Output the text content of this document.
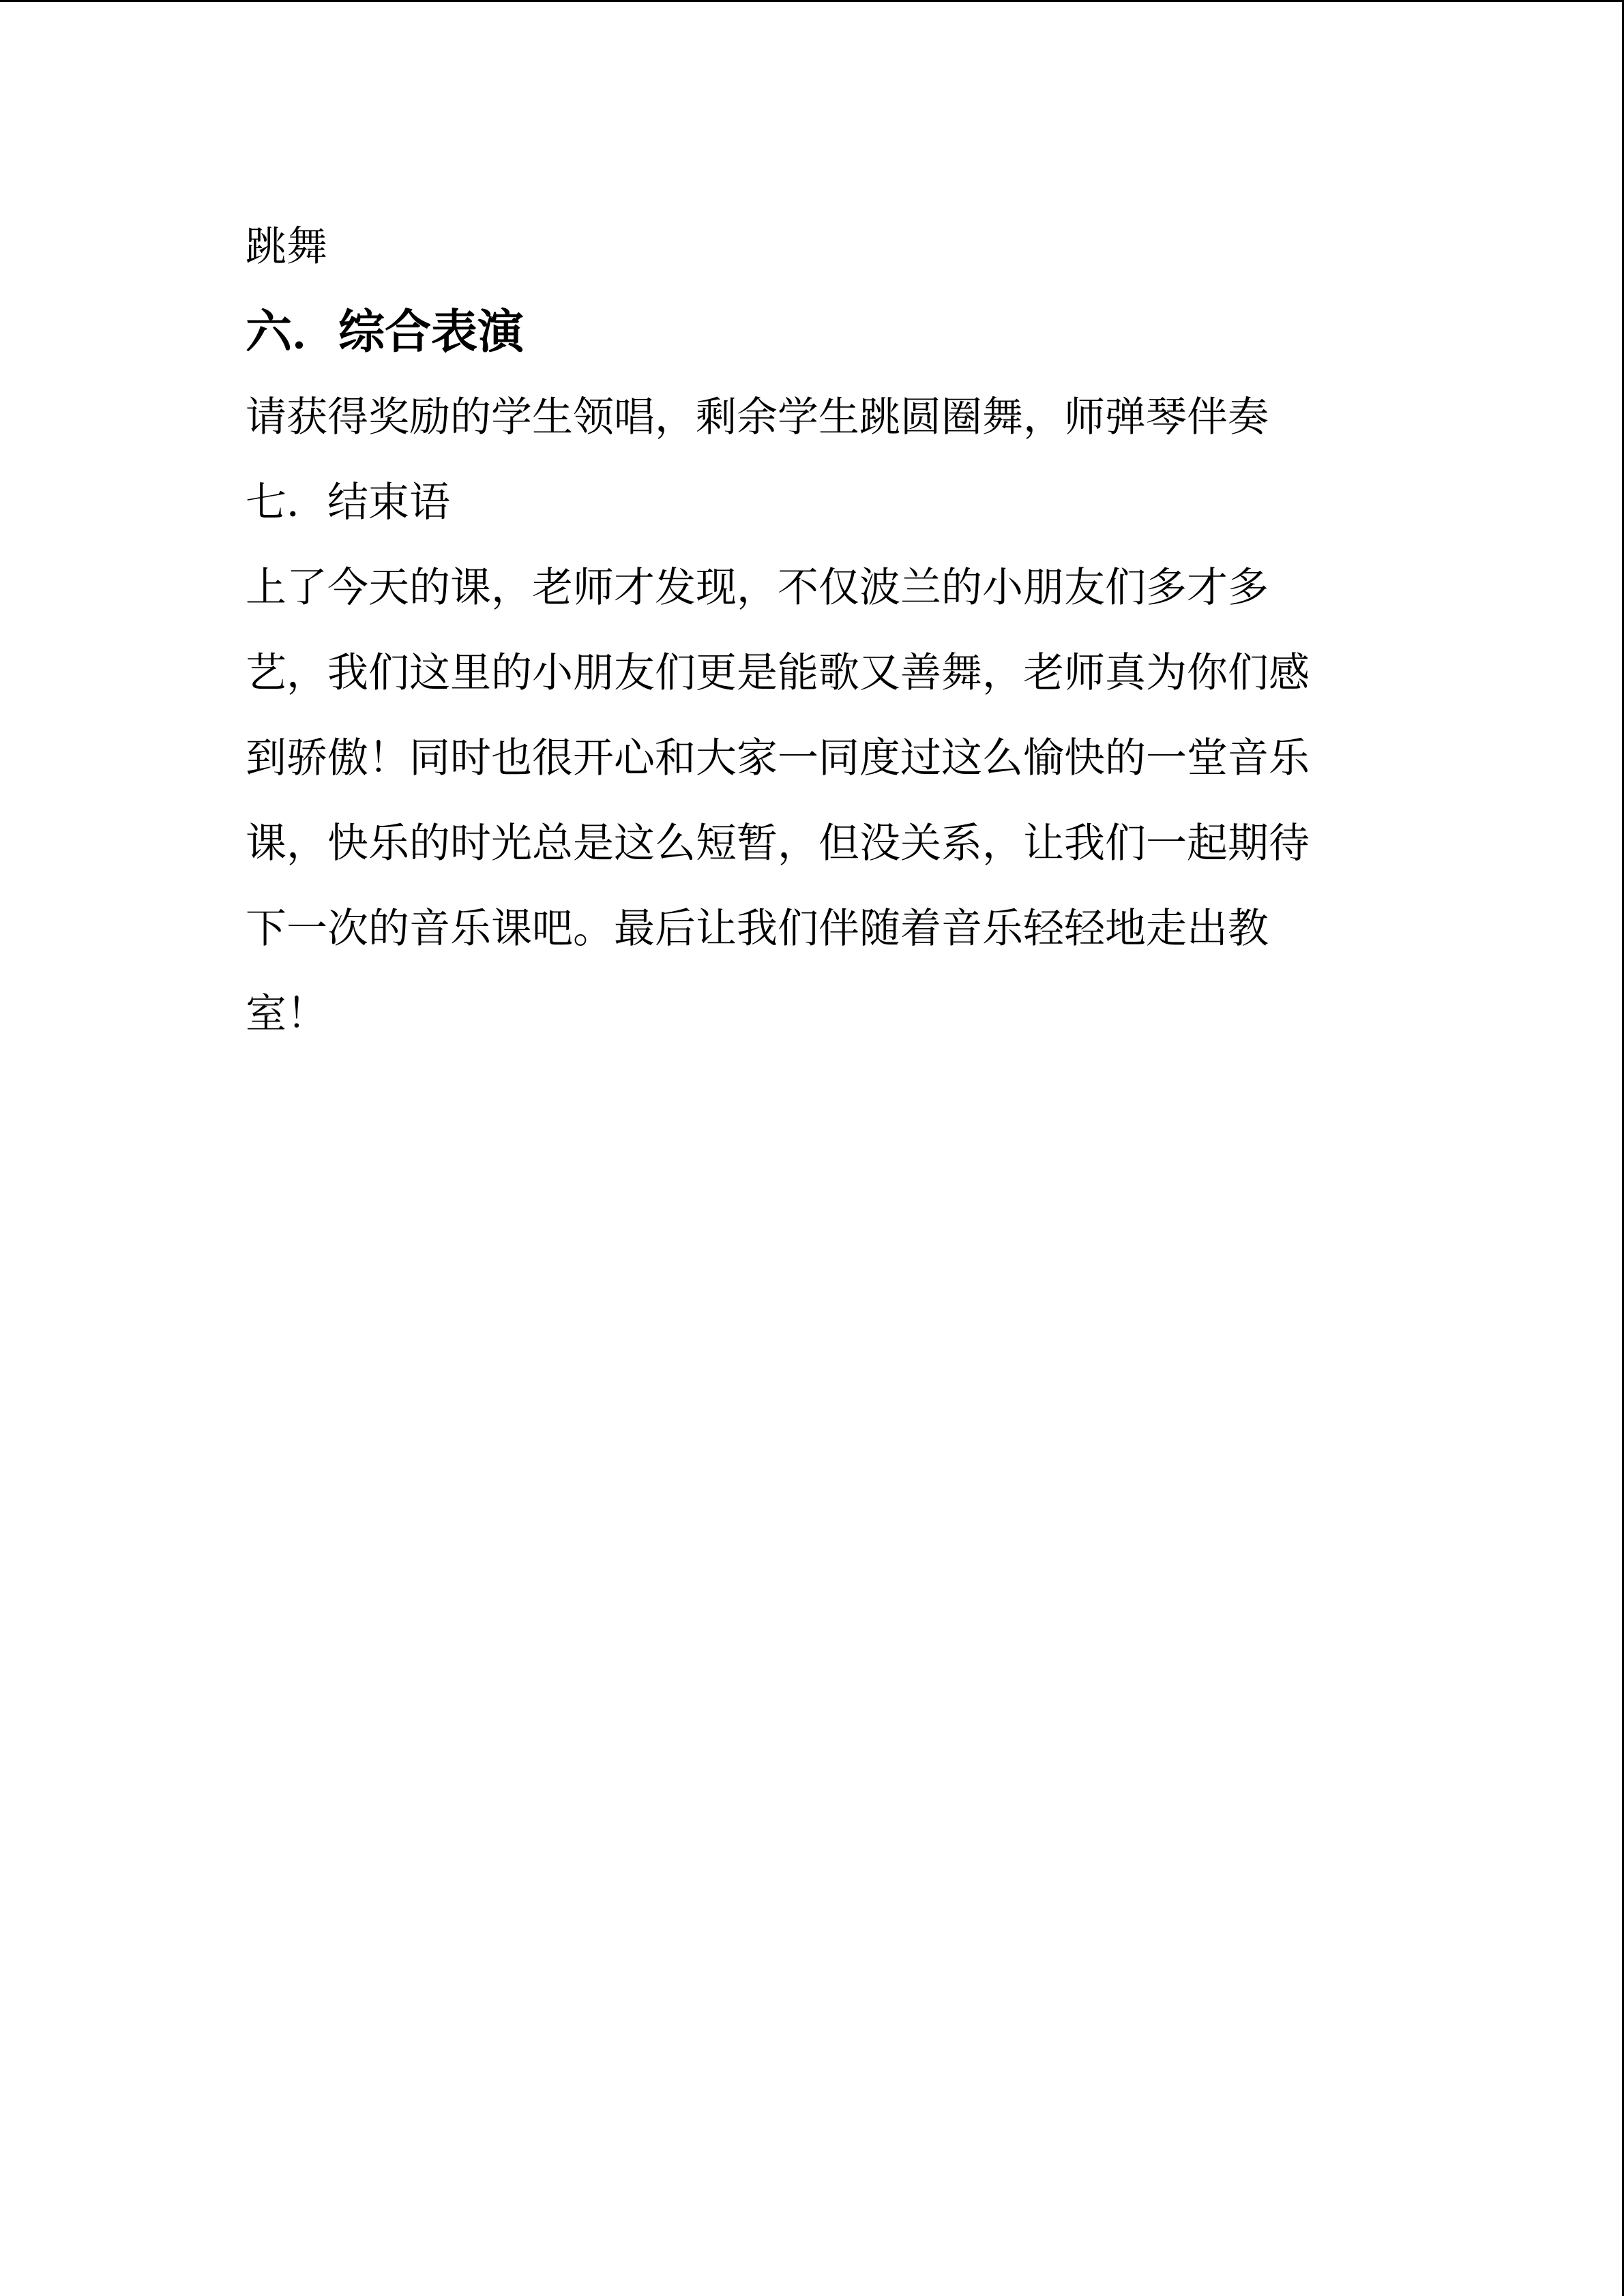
跳舞

六．综合表演

请获得奖励的学生领唱，剩余学生跳圆圈舞，师弹琴伴奏

七．结束语

上了今天的课，老师才发现，不仅波兰的小朋友们多才多艺，我们这里的小朋友们更是能歌又善舞，老师真为你们感到骄傲！同时也很开心和大家一同度过这么愉快的一堂音乐课，快乐的时光总是这么短暂，但没关系，让我们一起期待下一次的音乐课吧。最后让我们伴随着音乐轻轻地走出教室！
